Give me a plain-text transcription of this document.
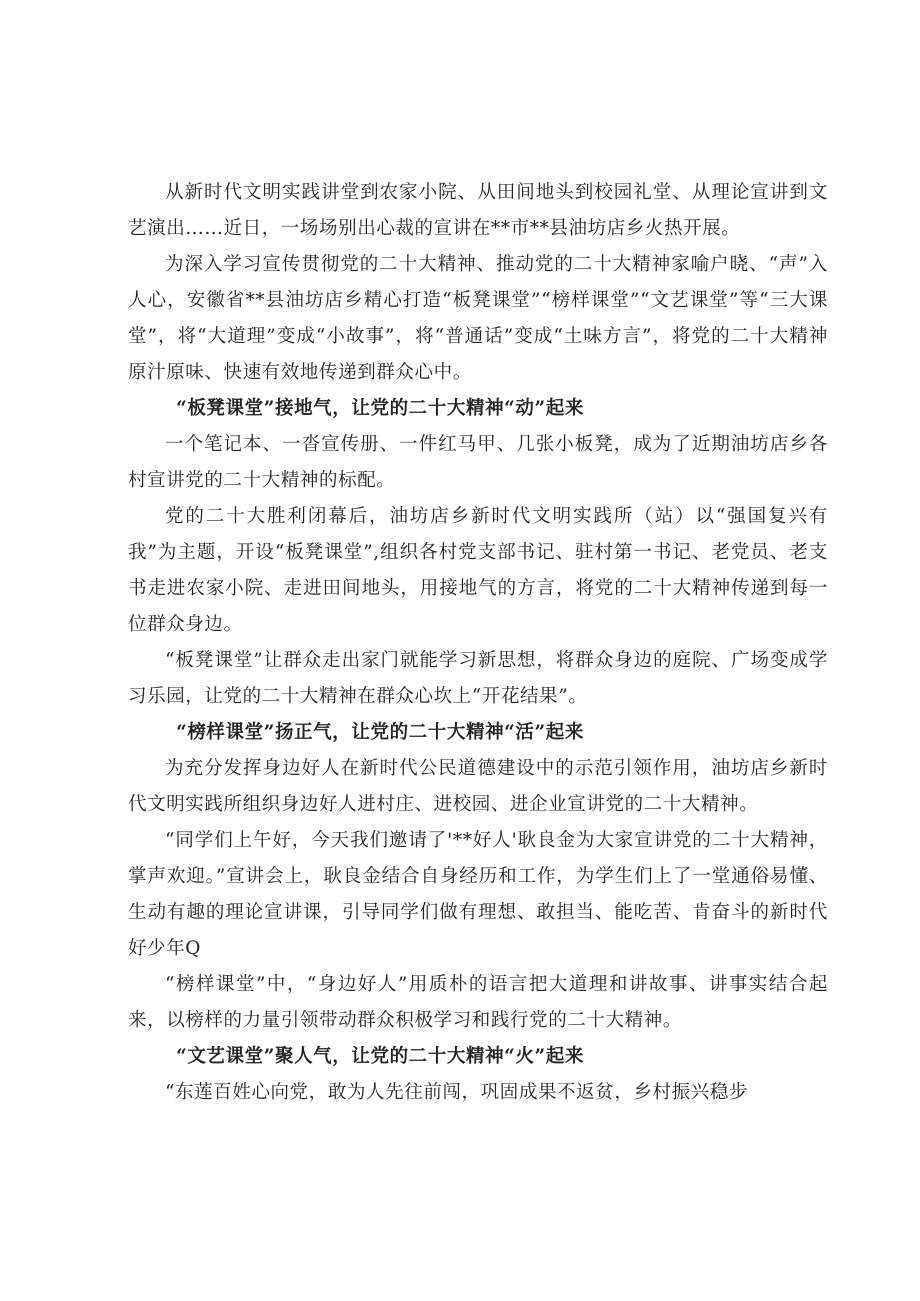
从新时代文明实践讲堂到农家小院、从田间地头到校园礼堂、从理论宣讲到文艺演出……近日，一场场别出心裁的宣讲在**市**县油坊店乡火热开展。

为深入学习宣传贯彻党的二十大精神、推动党的二十大精神家喻户晓、“声”入人心，安徽省**县油坊店乡精心打造“板凳课堂”“榜样课堂”“文艺课堂”等“三大课堂”，将“大道理”变成“小故事”，将“普通话”变成“土味方言”，将党的二十大精神原汁原味、快速有效地传递到群众心中。

“板凳课堂”接地气，让党的二十大精神“动”起来

一个笔记本、一沓宣传册、一件红马甲、几张小板凳，成为了近期油坊店乡各村宣讲党的二十大精神的标配。

党的二十大胜利闭幕后，油坊店乡新时代文明实践所（站）以“强国复兴有我”为主题，开设“板凳课堂”,组织各村党支部书记、驻村第一书记、老党员、老支书走进农家小院、走进田间地头，用接地气的方言，将党的二十大精神传递到每一位群众身边。

“板凳课堂”让群众走出家门就能学习新思想，将群众身边的庭院、广场变成学习乐园，让党的二十大精神在群众心坎上“开花结果”。

“榜样课堂”扬正气，让党的二十大精神“活”起来

为充分发挥身边好人在新时代公民道德建设中的示范引领作用，油坊店乡新时代文明实践所组织身边好人进村庄、进校园、进企业宣讲党的二十大精神。

“同学们上午好，今天我们邀请了'**好人'耿良金为大家宣讲党的二十大精神，掌声欢迎。”宣讲会上，耿良金结合自身经历和工作，为学生们上了一堂通俗易懂、生动有趣的理论宣讲课，引导同学们做有理想、敢担当、能吃苦、肯奋斗的新时代好少年Q

“榜样课堂”中，“身边好人”用质朴的语言把大道理和讲故事、讲事实结合起来，以榜样的力量引领带动群众积极学习和践行党的二十大精神。

“文艺课堂”聚人气，让党的二十大精神“火”起来

“东莲百姓心向党，敢为人先往前闯，巩固成果不返贫，乡村振兴稳步
